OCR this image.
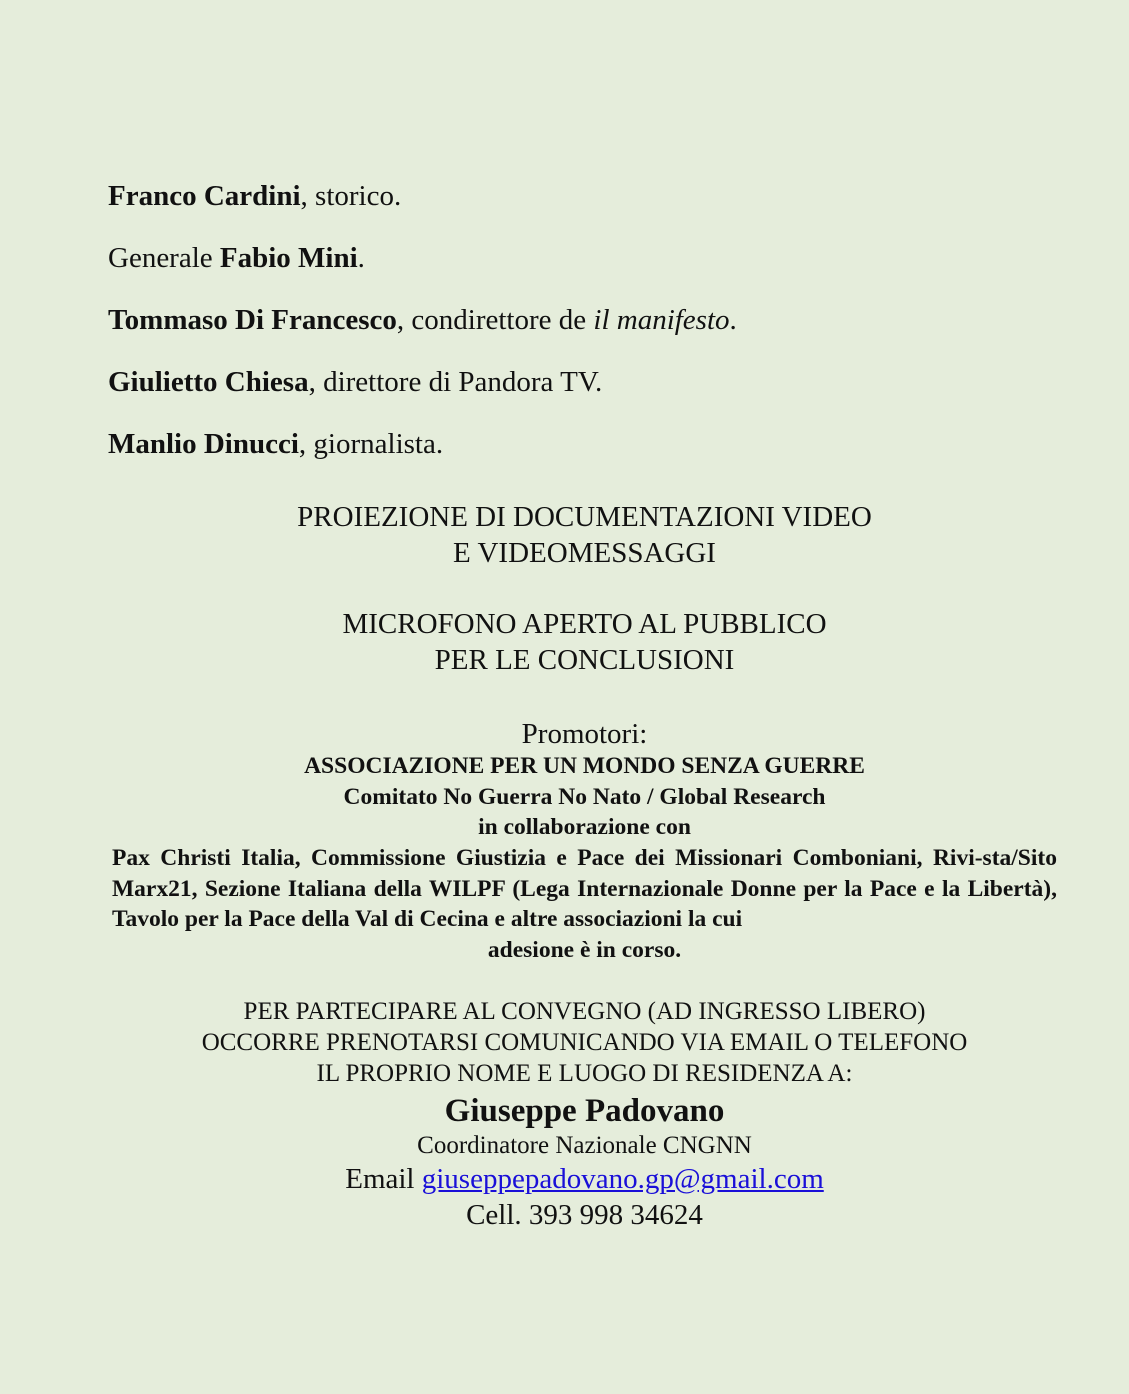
Franco Cardini, storico.
Generale Fabio Mini.
Tommaso Di Francesco, condirettore de il manifesto.
Giulietto Chiesa, direttore di Pandora TV.
Manlio Dinucci, giornalista.
PROIEZIONE DI DOCUMENTAZIONI VIDEO
E VIDEOMESSAGGI
MICROFONO APERTO AL PUBBLICO
PER LE CONCLUSIONI
Promotori:
ASSOCIAZIONE PER UN MONDO SENZA GUERRE
Comitato No Guerra No Nato / Global Research
in collaborazione con
Pax Christi Italia, Commissione Giustizia e Pace dei Missionari Comboniani, Rivi-sta/Sito Marx21, Sezione Italiana della WILPF (Lega Internazionale Donne per la Pace e la Libertà), Tavolo per la Pace della Val di Cecina e altre associazioni la cui
adesione è in corso.
PER PARTECIPARE AL CONVEGNO (AD INGRESSO LIBERO)
OCCORRE PRENOTARSI COMUNICANDO VIA EMAIL O TELEFONO
IL PROPRIO NOME E LUOGO DI RESIDENZA A:
Giuseppe Padovano
Coordinatore Nazionale CNGNN
Email giuseppepadovano.gp@gmail.com
Cell. 393 998 34624
